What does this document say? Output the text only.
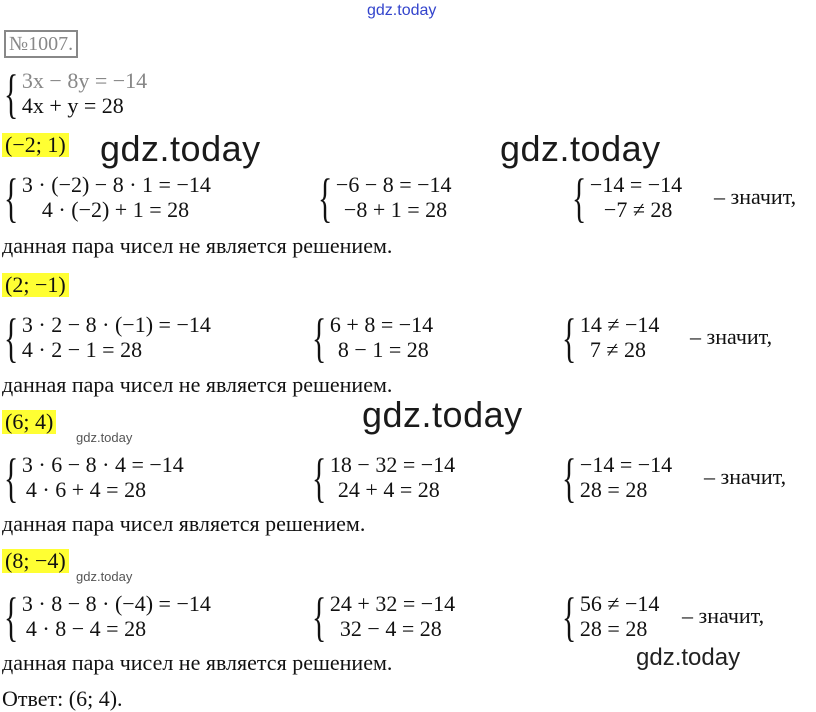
gdz.today
№1007.
{ 3x − 8y = −14
4x + y = 28
(−2; 1) gdz.today	gdz.today
{ 3 · (−2) − 8 · 1 = −14
4 · (−2) + 1 = 28	{ −6 − 8 = −14
−8 + 1 = 28 { −14 = −14
−7 ≠ 28
– значит,
данная пара чисел не является решением.
(2; −1)
{ 3 · 2 − 8 · (−1) = −14
4 · 2 − 1 = 28	{ 6 + 8 = −14
8 − 1 = 28 { 14 ≠ −14
7 ≠ 28
– значит,
данная пара чисел не является решением.
(6; 4)	gdz.today
gdz.today
{ 3 · 6 − 8 · 4 = −14
4 · 6 + 4 = 28	{ 18 − 32 = −14
24 + 4 = 28 { −14 = −14
28 = 28
– значит,
данная пара чисел является решением.
(8; −4)
gdz.today
{ 3 · 8 − 8 · (−4) = −14
4 · 8 − 4 = 28	{ 24 + 32 = −14
32 − 4 = 28 { 56 ≠ −14
28 = 28
– значит,
данная пара чисел не является решением.	gdz.today
Ответ: (6; 4).
